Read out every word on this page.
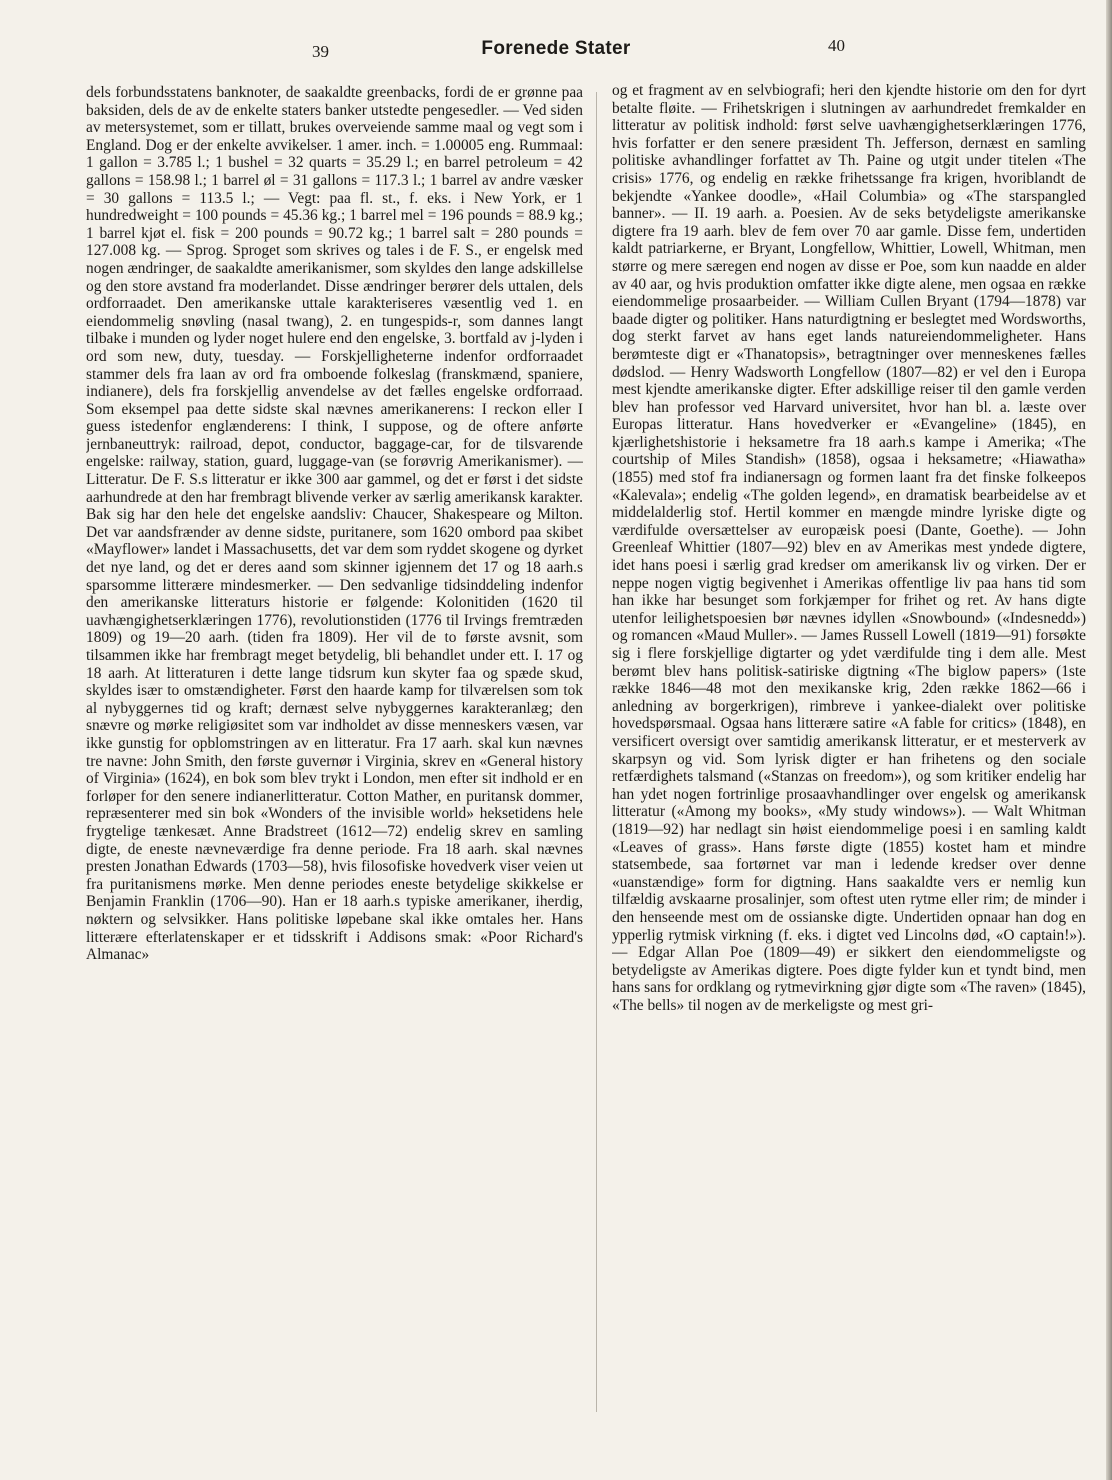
39	Forenede Stater	40

dels forbundsstatens banknoter, de saakaldte greenbacks, fordi de er grønne paa baksiden, dels de av de enkelte staters banker utstedte pengesedler. — Ved siden av metersystemet, som er tillatt, brukes overveiende samme maal og vegt som i England. Dog er der enkelte avvikelser. 1 amer. inch. = 1.00005 eng. Rummaal: 1 gallon = 3.785 l.; 1 bushel = 32 quarts = 35.29 l.; en barrel petroleum = 42 gallons = 158.98 l.; 1 barrel øl = 31 gallons = 117.3 l.; 1 barrel av andre væsker = 30 gallons = 113.5 l.; — Vegt: paa fl. st., f. eks. i New York, er 1 hundredweight = 100 pounds = 45.36 kg.; 1 barrel mel = 196 pounds = 88.9 kg.; 1 barrel kjøt el. fisk = 200 pounds = 90.72 kg.; 1 barrel salt = 280 pounds = 127.008 kg. — Sprog. Sproget som skrives og tales i de F. S., er engelsk med nogen ændringer, de saakaldte amerikanismer, som skyldes den lange adskillelse og den store avstand fra moderlandet. Disse ændringer berører dels uttalen, dels ordforraadet. Den amerikanske uttale karakteriseres væsentlig ved 1. en eiendommelig snøvling (nasal twang), 2. en tungespids-r, som dannes langt tilbake i munden og lyder noget hulere end den engelske, 3. bortfald av j-lyden i ord som new, duty, tuesday. — Forskjelligheterne indenfor ordforraadet stammer dels fra laan av ord fra omboende folkeslag (franskmænd, spaniere, indianere), dels fra forskjellig anvendelse av det fælles engelske ordforraad. Som eksempel paa dette sidste skal nævnes amerikanerens: I reckon eller I guess istedenfor englænderens: I think, I suppose, og de oftere anførte jernbaneuttryk: railroad, depot, conductor, baggage-car, for de tilsvarende engelske: railway, station, guard, luggage-van (se forøvrig Amerikanismer). — Litteratur. De F. S.s litteratur er ikke 300 aar gammel, og det er først i det sidste aarhundrede at den har frembragt blivende verker av særlig amerikansk karakter. Bak sig har den hele det engelske aandsliv: Chaucer, Shakespeare og Milton. Det var aandsfrænder av denne sidste, puritanere, som 1620 ombord paa skibet «Mayflower» landet i Massachusetts, det var dem som ryddet skogene og dyrket det nye land, og det er deres aand som skinner igjennem det 17 og 18 aarh.s sparsomme litterære mindesmerker. — Den sedvanlige tidsinddeling indenfor den amerikanske litteraturs historie er følgende: Kolonitiden (1620 til uavhængighetserklæringen 1776), revolutionstiden (1776 til Irvings fremtræden 1809) og 19—20 aarh. (tiden fra 1809). Her vil de to første avsnit, som tilsammen ikke har frembragt meget betydelig, bli behandlet under ett. I. 17 og 18 aarh. At litteraturen i dette lange tidsrum kun skyter faa og spæde skud, skyldes især to omstændigheter. Først den haarde kamp for tilværelsen som tok al nybyggernes tid og kraft; dernæst selve nybyggernes karakteranlæg; den snævre og mørke religiøsitet som var indholdet av disse menneskers væsen, var ikke gunstig for opblomstringen av en litteratur. Fra 17 aarh. skal kun nævnes tre navne: John Smith, den første guvernør i Virginia, skrev en «General history of Virginia» (1624), en bok som blev trykt i London, men efter sit indhold er en forløper for den senere indianerlitteratur. Cotton Mather, en puritansk dommer, repræsenterer med sin bok «Wonders of the invisible world» heksetidens hele frygtelige tænkesæt. Anne Bradstreet (1612—72) endelig skrev en samling digte, de eneste nævneværdige fra denne periode. Fra 18 aarh. skal nævnes presten Jonathan Edwards (1703—58), hvis filosofiske hovedverk viser veien ut fra puritanismens mørke. Men denne periodes eneste betydelige skikkelse er Benjamin Franklin (1706—90). Han er 18 aarh.s typiske amerikaner, iherdig, nøktern og selvsikker. Hans politiske løpebane skal ikke omtales her. Hans litterære efterlatenskaper er et tidsskrift i Addisons smak: «Poor Richard's Almanac»

og et fragment av en selvbiografi; heri den kjendte historie om den for dyrt betalte fløite. — Frihetskrigen i slutningen av aarhundredet fremkalder en litteratur av politisk indhold: først selve uavhængighetserklæringen 1776, hvis forfatter er den senere præsident Th. Jefferson, dernæst en samling politiske avhandlinger forfattet av Th. Paine og utgit under titelen «The crisis» 1776, og endelig en række frihetssange fra krigen, hvoriblandt de bekjendte «Yankee doodle», «Hail Columbia» og «The starspangled banner». — II. 19 aarh. a. Poesien. Av de seks betydeligste amerikanske digtere fra 19 aarh. blev de fem over 70 aar gamle. Disse fem, undertiden kaldt patriarkerne, er Bryant, Longfellow, Whittier, Lowell, Whitman, men større og mere særegen end nogen av disse er Poe, som kun naadde en alder av 40 aar, og hvis produktion omfatter ikke digte alene, men ogsaa en række eiendommelige prosaarbeider. — William Cullen Bryant (1794—1878) var baade digter og politiker. Hans naturdigtning er beslegtet med Wordsworths, dog sterkt farvet av hans eget lands natureiendommeligheter. Hans berømteste digt er «Thanatopsis», betragtninger over menneskenes fælles dødslod. — Henry Wadsworth Longfellow (1807—82) er vel den i Europa mest kjendte amerikanske digter. Efter adskillige reiser til den gamle verden blev han professor ved Harvard universitet, hvor han bl. a. læste over Europas litteratur. Hans hovedverker er «Evangeline» (1845), en kjærlighetshistorie i heksametre fra 18 aarh.s kampe i Amerika; «The courtship of Miles Standish» (1858), ogsaa i heksametre; «Hiawatha» (1855) med stof fra indianersagn og formen laant fra det finske folkeepos «Kalevala»; endelig «The golden legend», en dramatisk bearbeidelse av et middelalderlig stof. Hertil kommer en mængde mindre lyriske digte og værdifulde oversættelser av europæisk poesi (Dante, Goethe). — John Greenleaf Whittier (1807—92) blev en av Amerikas mest yndede digtere, idet hans poesi i særlig grad kredser om amerikansk liv og virken. Der er neppe nogen vigtig begivenhet i Amerikas offentlige liv paa hans tid som han ikke har besunget som forkjæmper for frihet og ret. Av hans digte utenfor leilighetspoesien bør nævnes idyllen «Snowbound» («Indesnedd») og romancen «Maud Muller». — James Russell Lowell (1819—91) forsøkte sig i flere forskjellige digtarter og ydet værdifulde ting i dem alle. Mest berømt blev hans politisk-satiriske digtning «The biglow papers» (1ste række 1846—48 mot den mexikanske krig, 2den række 1862—66 i anledning av borgerkrigen), rimbreve i yankee-dialekt over politiske hovedspørsmaal. Ogsaa hans litterære satire «A fable for critics» (1848), en versificert oversigt over samtidig amerikansk litteratur, er et mesterverk av skarpsyn og vid. Som lyrisk digter er han frihetens og den sociale retfærdighets talsmand («Stanzas on freedom»), og som kritiker endelig har han ydet nogen fortrinlige prosaavhandlinger over engelsk og amerikansk litteratur («Among my books», «My study windows»). — Walt Whitman (1819—92) har nedlagt sin høist eiendommelige poesi i en samling kaldt «Leaves of grass». Hans første digte (1855) kostet ham et mindre statsembede, saa fortørnet var man i ledende kredser over denne «uanstændige» form for digtning. Hans saakaldte vers er nemlig kun tilfældig avskaarne prosalinjer, som oftest uten rytme eller rim; de minder i den henseende mest om de ossianske digte. Undertiden opnaar han dog en ypperlig rytmisk virkning (f. eks. i digtet ved Lincolns død, «O captain!»). — Edgar Allan Poe (1809—49) er sikkert den eiendommeligste og betydeligste av Amerikas digtere. Poes digte fylder kun et tyndt bind, men hans sans for ordklang og rytmevirkning gjør digte som «The raven» (1845), «The bells» til nogen av de merkeligste og mest gri-
